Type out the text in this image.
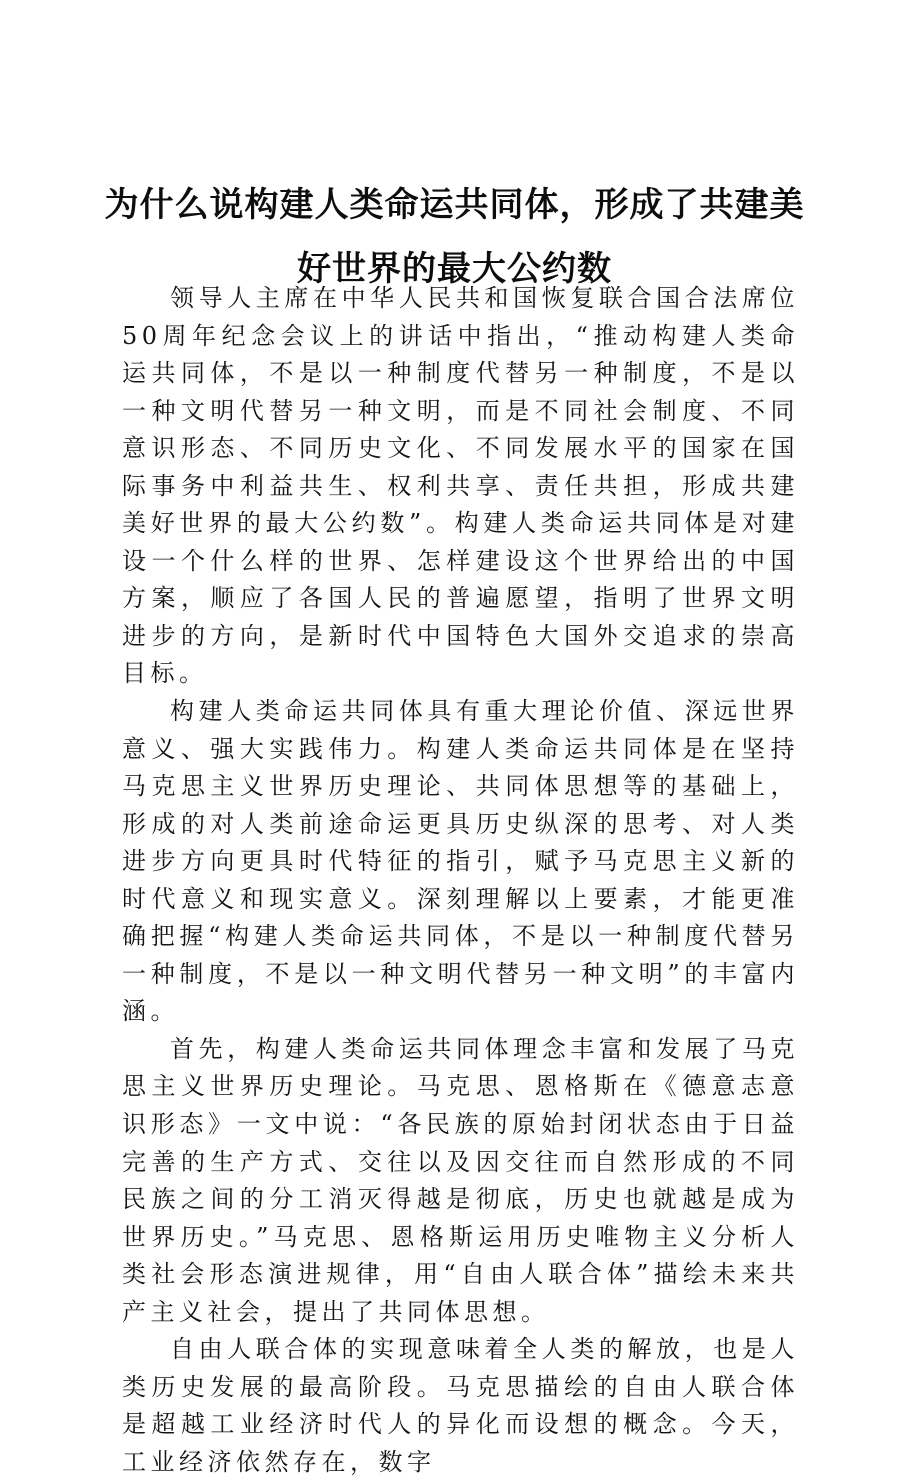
为什么说构建人类命运共同体，形成了共建美
好世界的最大公约数

领导人主席在中华人民共和国恢复联合国合法席位50周年纪念会议上的讲话中指出，“推动构建人类命运共同体，不是以一种制度代替另一种制度，不是以一种文明代替另一种文明，而是不同社会制度、不同意识形态、不同历史文化、不同发展水平的国家在国际事务中利益共生、权利共享、责任共担，形成共建美好世界的最大公约数”。构建人类命运共同体是对建设一个什么样的世界、怎样建设这个世界给出的中国方案，顺应了各国人民的普遍愿望，指明了世界文明进步的方向，是新时代中国特色大国外交追求的崇高目标。

构建人类命运共同体具有重大理论价值、深远世界意义、强大实践伟力。构建人类命运共同体是在坚持马克思主义世界历史理论、共同体思想等的基础上，形成的对人类前途命运更具历史纵深的思考、对人类进步方向更具时代特征的指引，赋予马克思主义新的时代意义和现实意义。深刻理解以上要素，才能更准确把握“构建人类命运共同体，不是以一种制度代替另一种制度，不是以一种文明代替另一种文明”的丰富内涵。

首先，构建人类命运共同体理念丰富和发展了马克思主义世界历史理论。马克思、恩格斯在《德意志意识形态》一文中说：“各民族的原始封闭状态由于日益完善的生产方式、交往以及因交往而自然形成的不同民族之间的分工消灭得越是彻底，历史也就越是成为世界历史。”马克思、恩格斯运用历史唯物主义分析人类社会形态演进规律，用“自由人联合体”描绘未来共产主义社会，提出了共同体思想。

自由人联合体的实现意味着全人类的解放，也是人类历史发展的最高阶段。马克思描绘的自由人联合体是超越工业经济时代人的异化而设想的概念。今天，工业经济依然存在，数字
